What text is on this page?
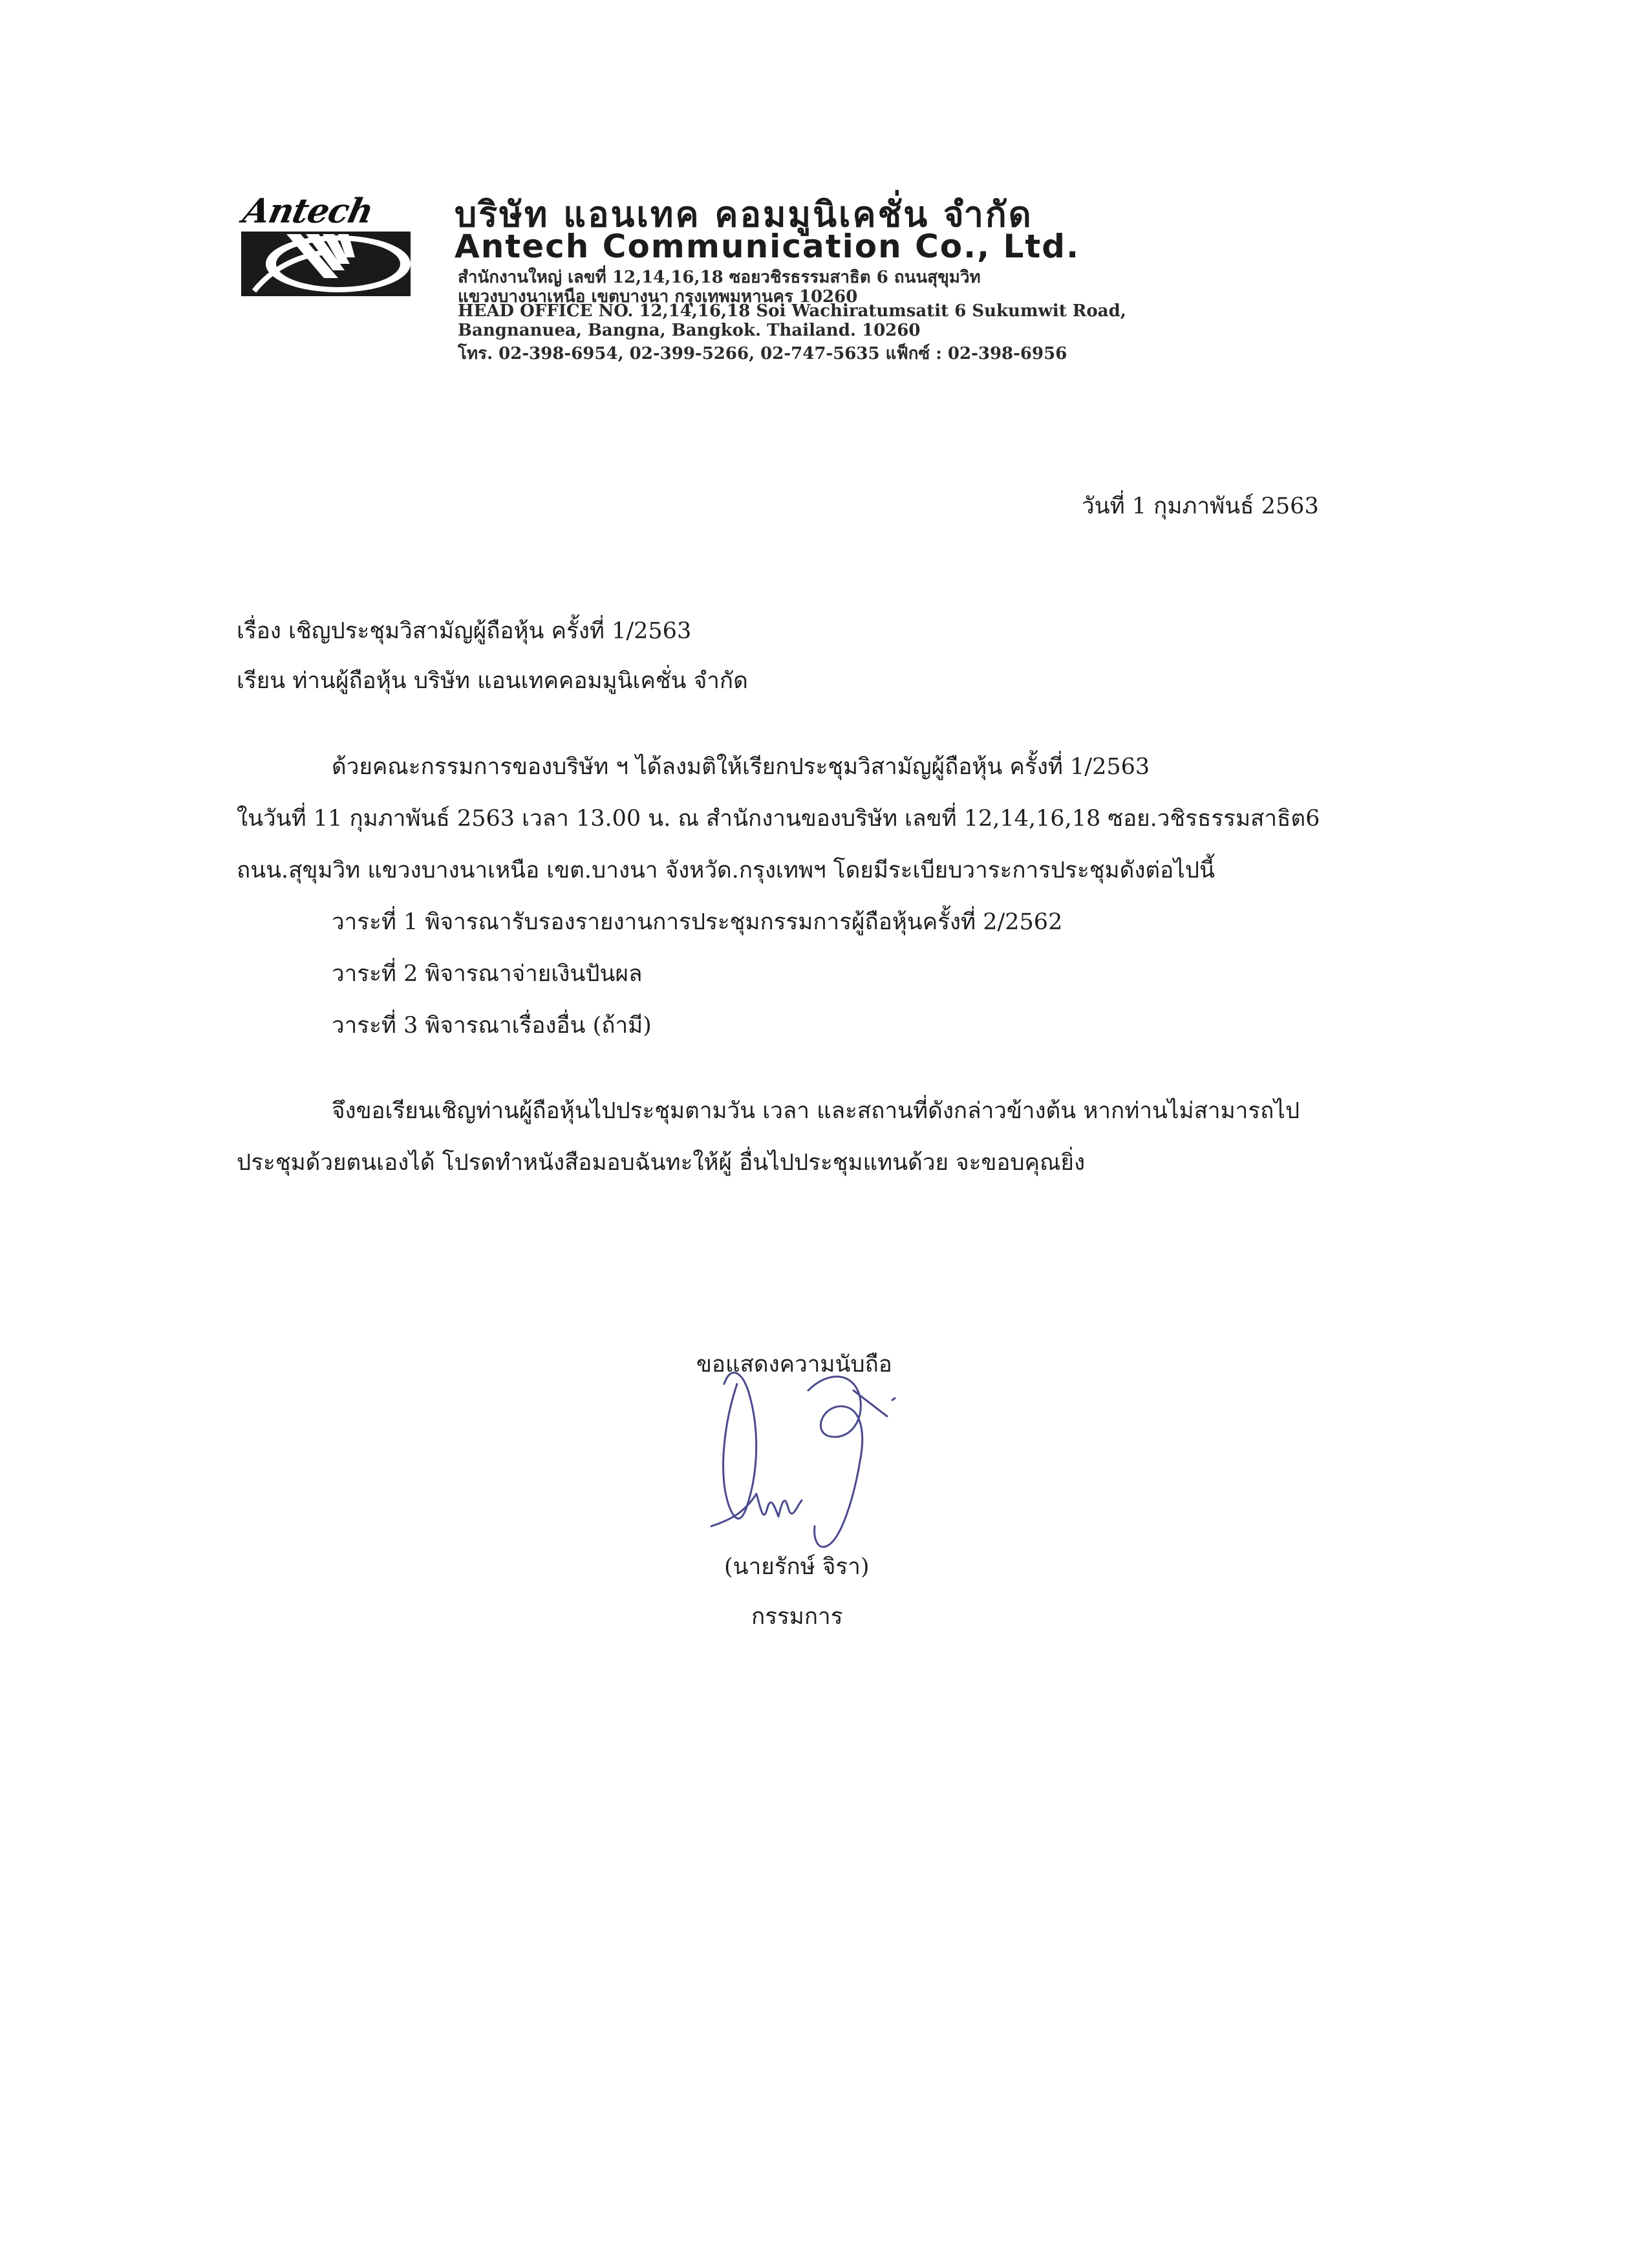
Antech บริษัท แอนเทค คอมมูนิเคชั่น จำกัด
Antech Communication Co., Ltd.
สำนักงานใหญ่ เลขที่ 12,14,16,18 ซอยวชิรธรรมสาธิต 6 ถนนสุขุมวิท
แขวงบางนาเหนือ เขตบางนา กรุงเทพมหานคร 10260
HEAD OFFICE NO. 12,14,16,18 Soi Wachiratumsatit 6 Sukumwit Road,
Bangnanuea, Bangna, Bangkok. Thailand. 10260
โทร. 02-398-6954, 02-399-5266, 02-747-5635 แฟ็กซ์ : 02-398-6956
วันที่ 1 กุมภาพันธ์ 2563
เรื่อง เชิญประชุมวิสามัญผู้ถือหุ้น ครั้งที่ 1/2563
เรียน ท่านผู้ถือหุ้น บริษัท แอนเทคคอมมูนิเคชั่น จำกัด
ด้วยคณะกรรมการของบริษัท ฯ ได้ลงมติให้เรียกประชุมวิสามัญผู้ถือหุ้น ครั้งที่ 1/2563
ในวันที่ 11 กุมภาพันธ์ 2563 เวลา 13.00 น. ณ สำนักงานของบริษัท เลขที่ 12,14,16,18 ซอย.วชิรธรรมสาธิต6
ถนน.สุขุมวิท แขวงบางนาเหนือ เขต.บางนา จังหวัด.กรุงเทพฯ โดยมีระเบียบวาระการประชุมดังต่อไปนี้
วาระที่ 1 พิจารณารับรองรายงานการประชุมกรรมการผู้ถือหุ้นครั้งที่ 2/2562
วาระที่ 2 พิจารณาจ่ายเงินปันผล
วาระที่ 3 พิจารณาเรื่องอื่น (ถ้ามี)
จึงขอเรียนเชิญท่านผู้ถือหุ้นไปประชุมตามวัน เวลา และสถานที่ดังกล่าวข้างต้น หากท่านไม่สามารถไป
ประชุมด้วยตนเองได้ โปรดทำหนังสือมอบฉันทะให้ผู้ อื่นไปประชุมแทนด้วย จะขอบคุณยิ่ง
ขอแสดงความนับถือ
(นายรักษ์ จิรา)
กรรมการ
